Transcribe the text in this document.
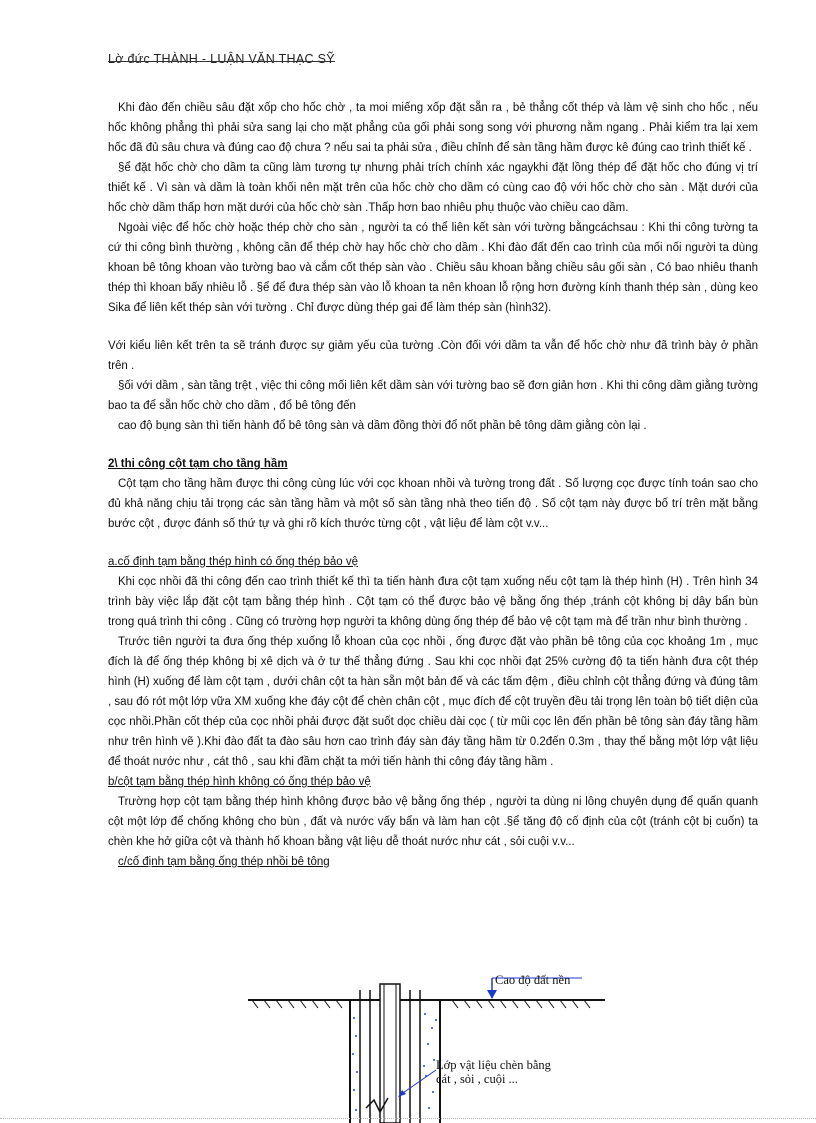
Lờ đức THÀNH - LUẬN VĂN THẠC SỸ

Khi đào đến chiều sâu đặt xốp cho hốc chờ , ta moi miếng xốp đặt sẵn ra , bẻ thẳng cốt thép và làm vệ sinh cho hốc , nếu hốc không phẳng thì phải sửa sang lại cho mặt phẳng của gối phải song song với phương nằm ngang . Phải kiểm tra lại xem hốc đã đủ sâu chưa và đúng cao độ chưa ? nếu sai ta phải sửa , điều chỉnh để sàn tầng hầm được kê đúng cao trình thiết kế .

§ể đặt hốc chờ cho dầm ta cũng làm tương tự nhưng phải trích chính xác ngaykhi đặt lồng thép để đặt hốc cho đúng vị trí thiết kế . Vì sàn và dầm là toàn khối nên mặt trên của hốc chờ cho dầm có cùng cao độ với hốc chờ cho sàn . Mặt dưới của hốc chờ dầm thấp hơn mặt dưới của hốc chờ sàn .Thấp hơn bao nhiêu phụ thuộc vào chiều cao dầm.

Ngoài việc để hốc chờ hoặc thép chờ cho sàn , người ta có thể liên kết sàn với tường bằngcáchsau : Khi thi công tường ta cứ thi công bình thường , không cần để thép chờ hay hốc chờ cho dầm . Khi đào đất đến cao trình của mối nối người ta dùng khoan bê tông khoan vào tường bao và cắm cốt thép sàn vào . Chiều sâu khoan bằng chiều sâu gối sàn , Có bao nhiêu thanh thép thì khoan bấy nhiêu lỗ . §ể để đưa thép sàn vào lỗ khoan ta nên khoan lỗ rộng hơn đường kính thanh thép sàn , dùng keo Sika để liên kết thép sàn với tường . Chỉ được dùng thép gai để làm thép sàn (hình32).

Với kiểu liên kết trên ta sẽ tránh được sự giảm yếu của tường .Còn đối với dầm ta vẫn để hốc chờ như đã trình bày ở phần trên .

§ối với dầm , sàn tầng trệt , việc thi công mối liên kết dầm sàn với tường bao sẽ đơn giản hơn . Khi thi công dầm giằng tường bao ta để sẵn hốc chờ cho dầm , đổ bê tông đến

cao độ bụng sàn thì tiến hành đổ bê tông sàn và dầm đồng thời đổ nốt phần bê tông dầm giằng còn lại .

2\ thi công cột tạm cho tầng hầm

Cột tạm cho tầng hầm được thi công cùng lúc với cọc khoan nhồi và tường trong đất . Số lượng cọc được tính toán sao cho đủ khả năng chịu tải trọng các sàn tầng hầm và một số sàn tầng nhà theo tiến độ . Số cột tạm này được bố trí trên mặt bằng bước cột , được đánh số thứ tự và ghi rõ kích thước từng cột , vật liệu để làm cột v.v...

a.cố định tạm bằng thép hình có ống thép bảo vệ

Khi cọc nhồi đã thi công đến cao trình thiết kế thì ta tiến hành đưa cột tạm xuống nếu cột tạm là thép hình (H) . Trên hình 34 trình bày việc lắp đặt cột tạm bằng thép hình . Cột tạm có thể được bảo vệ bằng ống thép ,tránh cột không bị dây bẩn bùn trong quá trình thi công . Cũng có trường hợp người ta không dùng ống thép để bảo vệ cột tạm mà để trần như bình thường .

Trước tiên người ta đưa ống thép xuống lỗ khoan của cọc nhồi , ống được đặt vào phần bê tông của cọc khoảng 1m , mục đích là để ống thép không bị xê dịch và ở tư thế thẳng đứng . Sau khi cọc nhồi đạt 25% cường độ ta tiến hành đưa cột thép hình (H) xuống để làm cột tạm , dưới chân cột ta hàn sẵn một bản đế và các tấm đệm , điều chỉnh cột thẳng đứng và đúng tâm , sau đó rót một lớp vữa XM xuống khe đáy cột để chèn chân cột , mục đích để cột truyền đều tải trọng lên toàn bộ tiết diện của cọc nhồi.Phần cốt thép của cọc nhồi phải được đặt suốt dọc chiều dài cọc ( từ mũi cọc lên đến phần bê tông sàn đáy tầng hầm như trên hình vẽ ).Khi đào đất ta đào sâu hơn cao trình đáy sàn đáy tầng hầm từ 0.2đến 0.3m , thay thế bằng một lớp vật liệu để thoát nước như , cát thô , sau khi đầm chặt ta mới tiến hành thi công đáy tầng hầm .

b/cột tạm bằng thép hình không có ống thép bảo vệ

Trường hợp cột tạm bằng thép hình không được bảo vệ bằng ống thép , người ta dùng ni lông chuyên dụng để quấn quanh cột một lớp để chống không cho bùn , đất và nước vấy bẩn và làm han cột .§ể tăng độ cố định của cột (tránh cột bị cuốn) ta chèn khe hở giữa cột và thành hố khoan bằng vật liệu dễ thoát nước như cát , sỏi cuội v.v...

c/cố định tạm bằng ống thép nhồi bê tông
Cao độ đất nền
Lớp vật liệu chèn bằng
cát , sỏi , cuội ...
